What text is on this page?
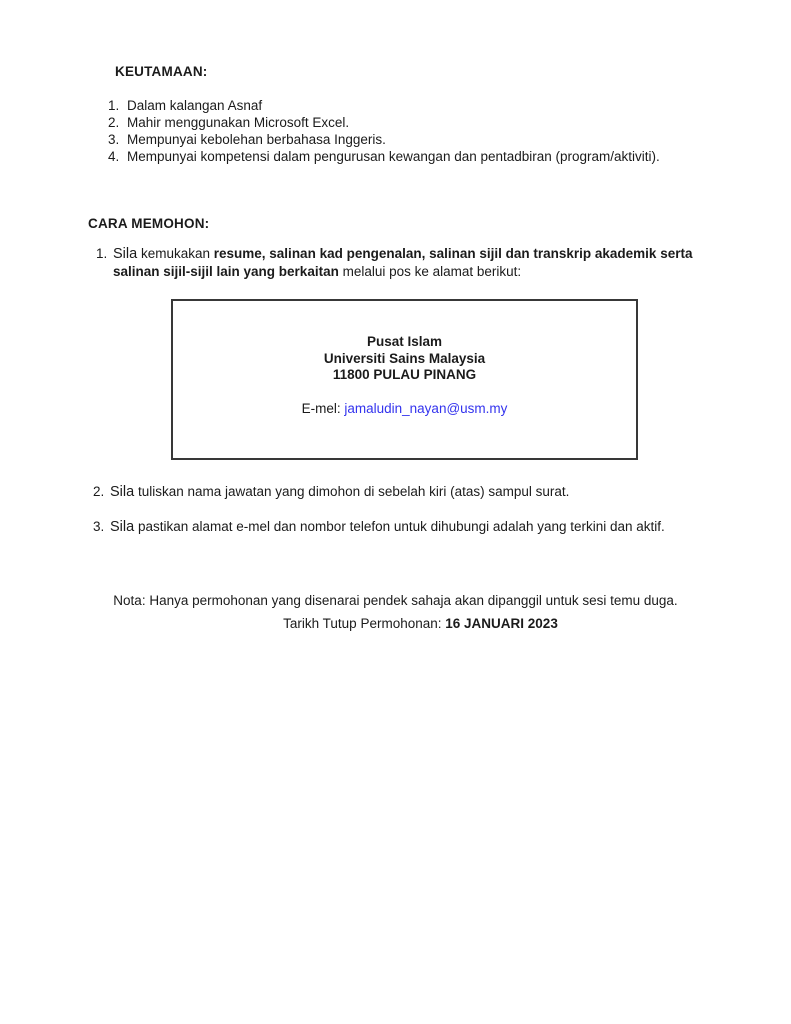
KEUTAMAAN:
1. Dalam kalangan Asnaf
2. Mahir menggunakan Microsoft Excel.
3. Mempunyai kebolehan berbahasa Inggeris.
4. Mempunyai kompetensi dalam pengurusan kewangan dan pentadbiran (program/aktiviti).
CARA MEMOHON:
1. Sila kemukakan resume, salinan kad pengenalan, salinan sijil dan transkrip akademik serta
salinan sijil-sijil lain yang berkaitan melalui pos ke alamat berikut:
Pusat Islam
Universiti Sains Malaysia
11800 PULAU PINANG
E-mel: jamaludin_nayan@usm.my
2. Sila tuliskan nama jawatan yang dimohon di sebelah kiri (atas) sampul surat.
3. Sila pastikan alamat e-mel dan nombor telefon untuk dihubungi adalah yang terkini dan aktif.
Nota: Hanya permohonan yang disenarai pendek sahaja akan dipanggil untuk sesi temu duga.
Tarikh Tutup Permohonan: 16 JANUARI 2023
